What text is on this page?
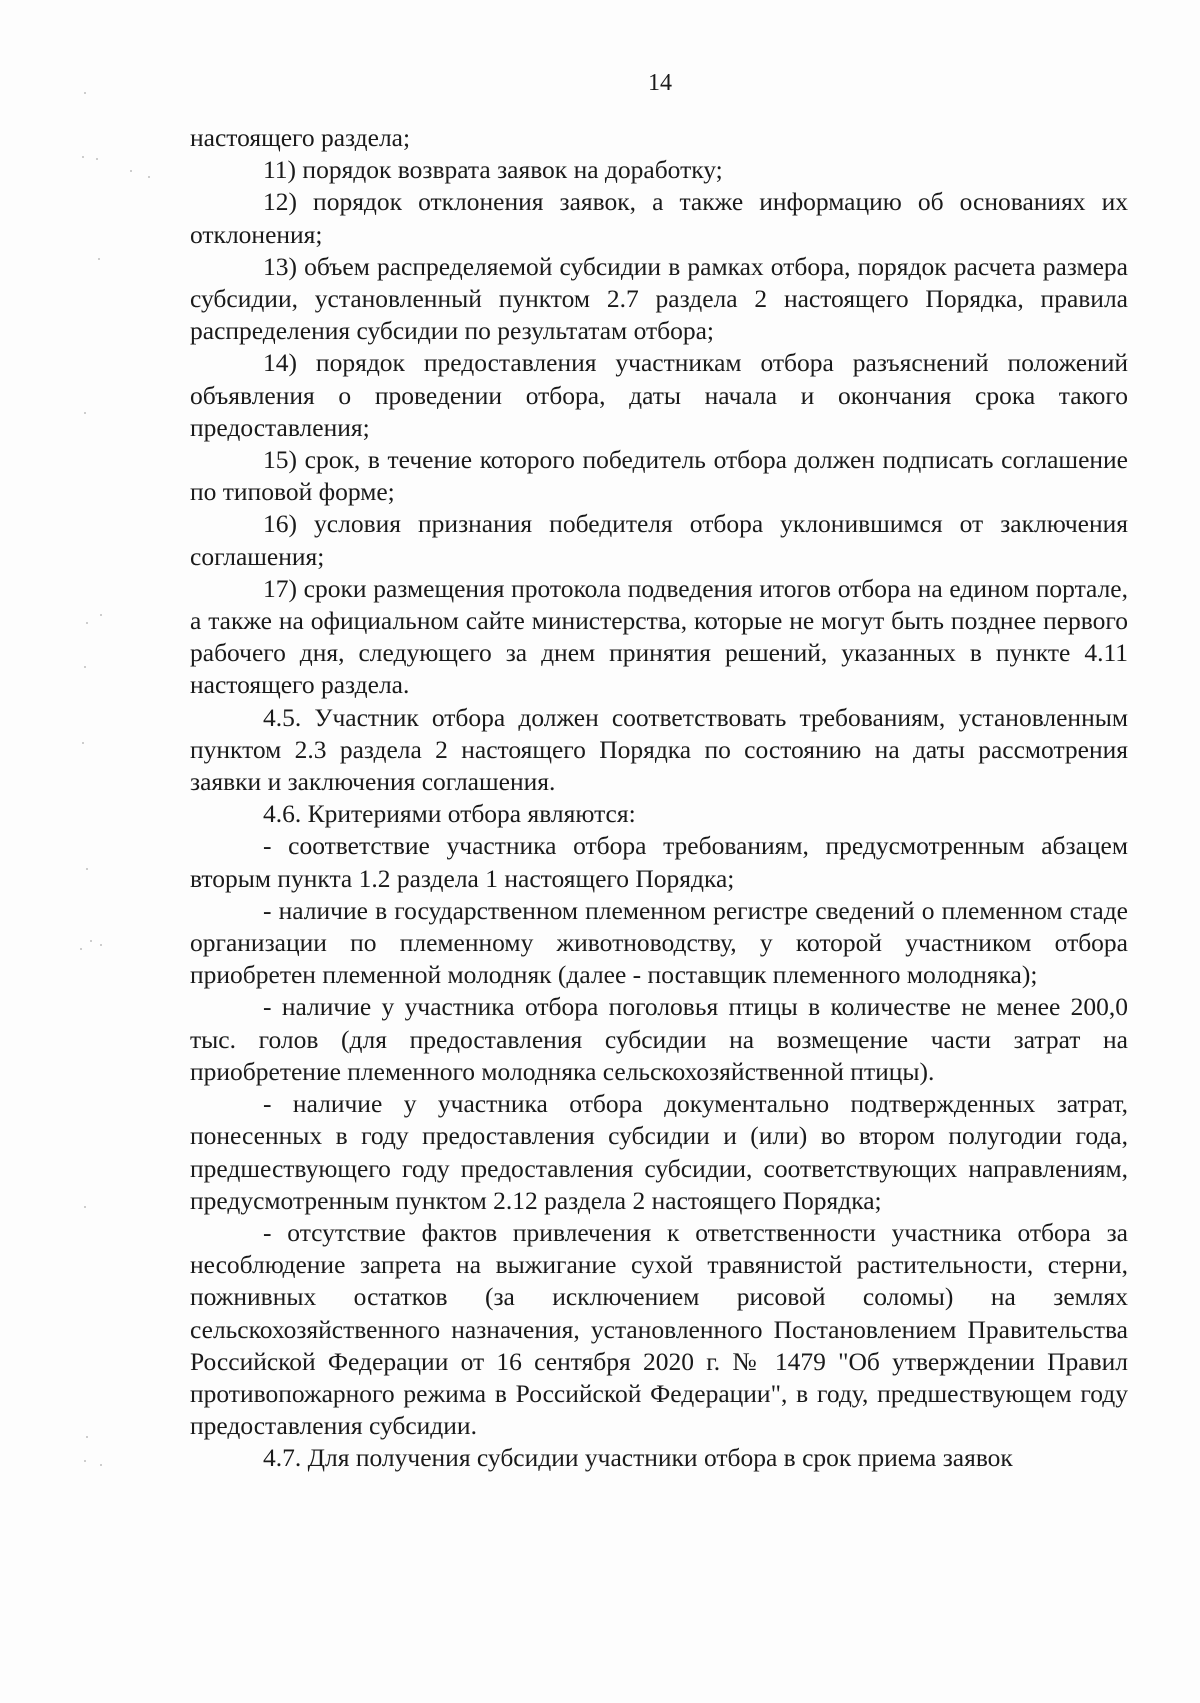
14

настоящего раздела;

11) порядок возврата заявок на доработку;

12) порядок отклонения заявок, а также информацию об основаниях их отклонения;

13) объем распределяемой субсидии в рамках отбора, порядок расчета размера субсидии, установленный пунктом 2.7 раздела 2 настоящего Порядка, правила распределения субсидии по результатам отбора;

14) порядок предоставления участникам отбора разъяснений положений объявления о проведении отбора, даты начала и окончания срока такого предоставления;

15) срок, в течение которого победитель отбора должен подписать соглашение по типовой форме;

16) условия признания победителя отбора уклонившимся от заключения соглашения;

17) сроки размещения протокола подведения итогов отбора на едином портале, а также на официальном сайте министерства, которые не могут быть позднее первого рабочего дня, следующего за днем принятия решений, указанных в пункте 4.11 настоящего раздела.

4.5. Участник отбора должен соответствовать требованиям, установленным пунктом 2.3 раздела 2 настоящего Порядка по состоянию на даты рассмотрения заявки и заключения соглашения.

4.6. Критериями отбора являются:

- соответствие участника отбора требованиям, предусмотренным абзацем вторым пункта 1.2 раздела 1 настоящего Порядка;

- наличие в государственном племенном регистре сведений о племенном стаде организации по племенному животноводству, у которой участником отбора приобретен племенной молодняк (далее - поставщик племенного молодняка);

- наличие у участника отбора поголовья птицы в количестве не менее 200,0 тыс. голов (для предоставления субсидии на возмещение части затрат на приобретение племенного молодняка сельскохозяйственной птицы).

- наличие у участника отбора документально подтвержденных затрат, понесенных в году предоставления субсидии и (или) во втором полугодии года, предшествующего году предоставления субсидии, соответствующих направлениям, предусмотренным пунктом 2.12 раздела 2 настоящего Порядка;

- отсутствие фактов привлечения к ответственности участника отбора за несоблюдение запрета на выжигание сухой травянистой растительности, стерни, пожнивных остатков (за исключением рисовой соломы) на землях сельскохозяйственного назначения, установленного Постановлением Правительства Российской Федерации от 16 сентября 2020 г. № 1479 "Об утверждении Правил противопожарного режима в Российской Федерации", в году, предшествующем году предоставления субсидии.

4.7. Для получения субсидии участники отбора в срок приема заявок
